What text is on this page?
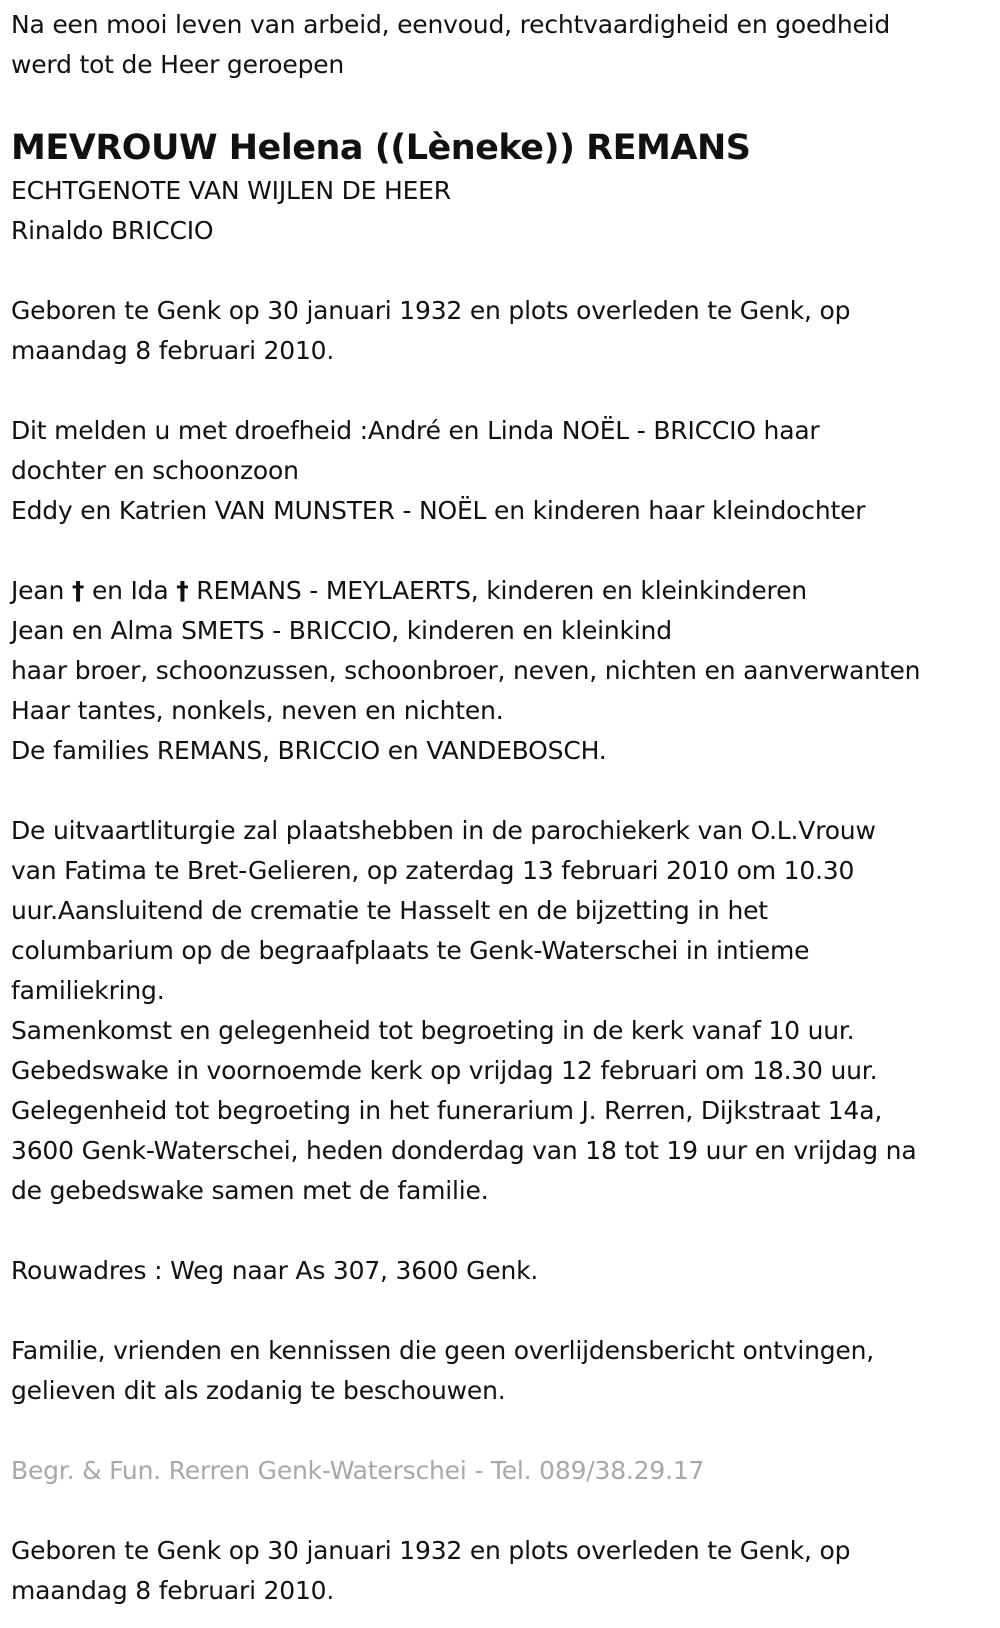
Na een mooi leven van arbeid, eenvoud, rechtvaardigheid en goedheid
werd tot de Heer geroepen
MEVROUW Helena ((Lèneke)) REMANS
ECHTGENOTE VAN WIJLEN DE HEER
Rinaldo BRICCIO
Geboren te Genk op 30 januari 1932 en plots overleden te Genk, op
maandag 8 februari 2010.
Dit melden u met droefheid :André en Linda NOËL - BRICCIO haar
dochter en schoonzoon
Eddy en Katrien VAN MUNSTER - NOËL en kinderen haar kleindochter
Jean † en Ida † REMANS - MEYLAERTS, kinderen en kleinkinderen
Jean en Alma SMETS - BRICCIO, kinderen en kleinkind
haar broer, schoonzussen, schoonbroer, neven, nichten en aanverwanten
Haar tantes, nonkels, neven en nichten.
De families REMANS, BRICCIO en VANDEBOSCH.
De uitvaartliturgie zal plaatshebben in de parochiekerk van O.L.Vrouw
van Fatima te Bret-Gelieren, op zaterdag 13 februari 2010 om 10.30
uur.Aansluitend de crematie te Hasselt en de bijzetting in het
columbarium op de begraafplaats te Genk-Waterschei in intieme
familiekring.
Samenkomst en gelegenheid tot begroeting in de kerk vanaf 10 uur.
Gebedswake in voornoemde kerk op vrijdag 12 februari om 18.30 uur.
Gelegenheid tot begroeting in het funerarium J. Rerren, Dijkstraat 14a,
3600 Genk-Waterschei, heden donderdag van 18 tot 19 uur en vrijdag na
de gebedswake samen met de familie.
Rouwadres : Weg naar As 307, 3600 Genk.
Familie, vrienden en kennissen die geen overlijdensbericht ontvingen,
gelieven dit als zodanig te beschouwen.
Begr. & Fun. Rerren Genk-Waterschei - Tel. 089/38.29.17
Geboren te Genk op 30 januari 1932 en plots overleden te Genk, op
maandag 8 februari 2010.
